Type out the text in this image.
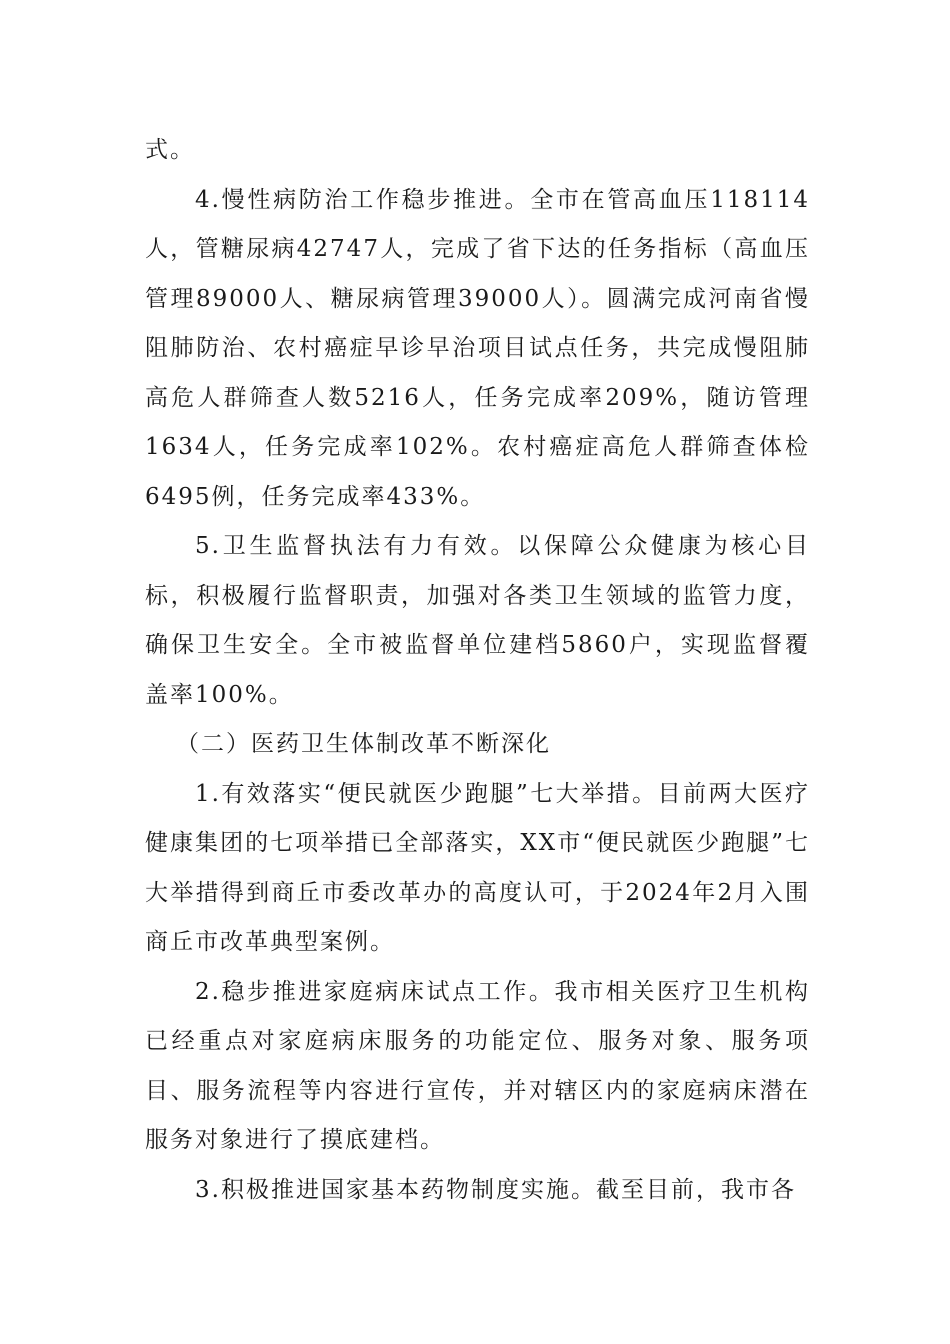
式。

4.慢性病防治工作稳步推进。全市在管高血压118114人，管糖尿病42747人，完成了省下达的任务指标（高血压管理89000人、糖尿病管理39000人）。圆满完成河南省慢阻肺防治、农村癌症早诊早治项目试点任务，共完成慢阻肺高危人群筛查人数5216人，任务完成率209%，随访管理1634人，任务完成率102%。农村癌症高危人群筛查体检6495例，任务完成率433%。

5.卫生监督执法有力有效。以保障公众健康为核心目标，积极履行监督职责，加强对各类卫生领域的监管力度，确保卫生安全。全市被监督单位建档5860户，实现监督覆盖率100%。

（二）医药卫生体制改革不断深化

1.有效落实“便民就医少跑腿”七大举措。目前两大医疗健康集团的七项举措已全部落实，XX市“便民就医少跑腿”七大举措得到商丘市委改革办的高度认可，于2024年2月入围商丘市改革典型案例。

2.稳步推进家庭病床试点工作。我市相关医疗卫生机构已经重点对家庭病床服务的功能定位、服务对象、服务项目、服务流程等内容进行宣传，并对辖区内的家庭病床潜在服务对象进行了摸底建档。

3.积极推进国家基本药物制度实施。截至目前，我市各
